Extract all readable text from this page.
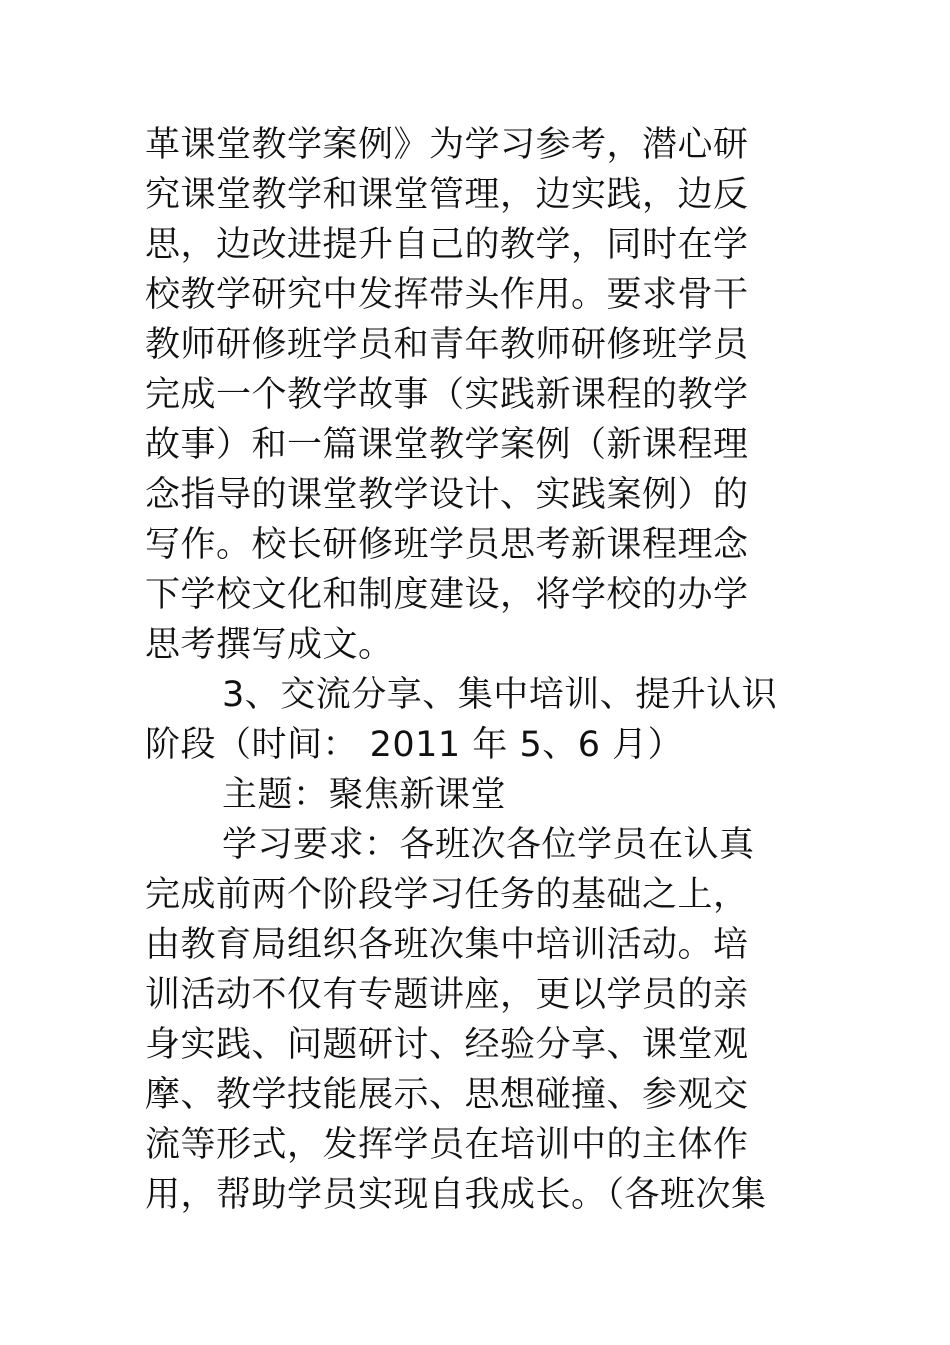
革课堂教学案例》为学习参考，潜心研
究课堂教学和课堂管理，边实践，边反
思，边改进提升自己的教学，同时在学
校教学研究中发挥带头作用。要求骨干
教师研修班学员和青年教师研修班学员
完成一个教学故事（实践新课程的教学
故事）和一篇课堂教学案例（新课程理
念指导的课堂教学设计、实践案例）的
写作。校长研修班学员思考新课程理念
下学校文化和制度建设，将学校的办学
思考撰写成文。
3、交流分享、集中培训、提升认识
阶段（时间： 2011 年 5、6 月）
主题：聚焦新课堂
学习要求：各班次各位学员在认真
完成前两个阶段学习任务的基础之上，
由教育局组织各班次集中培训活动。培
训活动不仅有专题讲座，更以学员的亲
身实践、问题研讨、经验分享、课堂观
摩、教学技能展示、思想碰撞、参观交
流等形式，发挥学员在培训中的主体作
用，帮助学员实现自我成长。（各班次集
